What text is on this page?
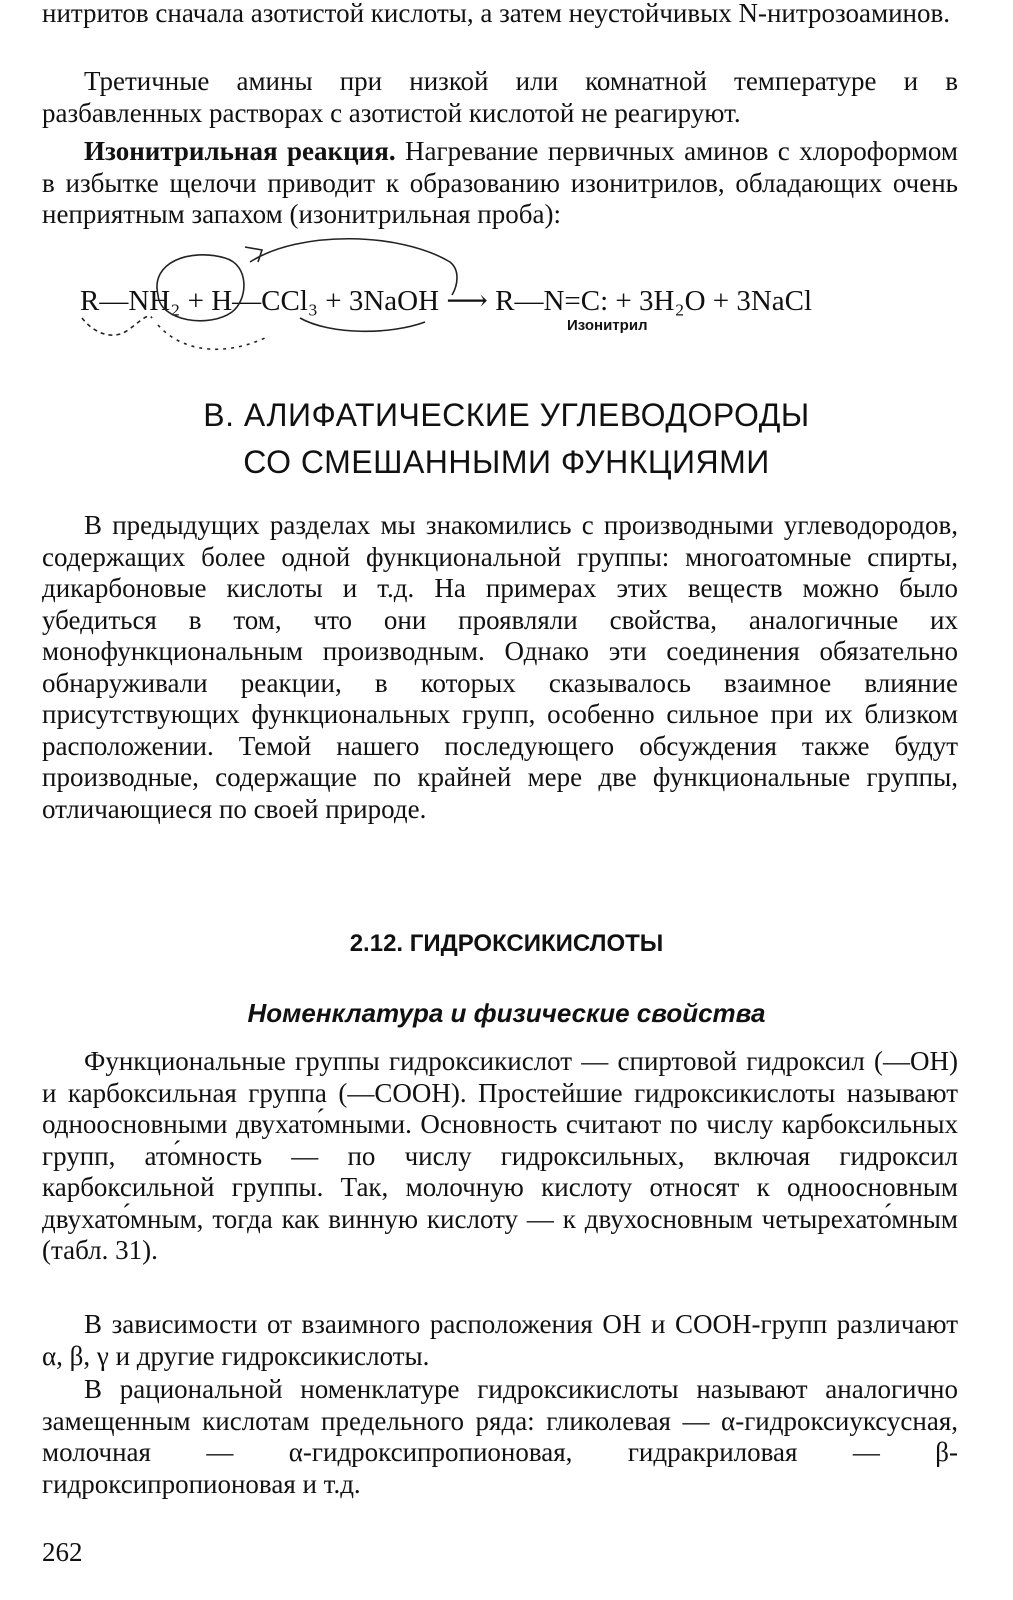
нитритов сначала азотистой кислоты, а затем неустойчивых N-нитрозоаминов.

Третичные амины при низкой или комнатной температуре и в разбавленных растворах с азотистой кислотой не реагируют.

Изонитрильная реакция. Нагревание первичных аминов с хлороформом в избытке щелочи приводит к образованию изонитрилов, обладающих очень неприятным запахом (изонитрильная проба):

R—NH₂ + H—CCl₃ + 3NaOH ⟶ R—N=C: + 3H₂O + 3NaCl
Изонитрил
В. АЛИФАТИЧЕСКИЕ УГЛЕВОДОРОДЫ
СО СМЕШАННЫМИ ФУНКЦИЯМИ

В предыдущих разделах мы знакомились с производными углеводородов, содержащих более одной функциональной группы: многоатомные спирты, дикарбоновые кислоты и т.д. На примерах этих веществ можно было убедиться в том, что они проявляли свойства, аналогичные их монофункциональным производным. Однако эти соединения обязательно обнаруживали реакции, в которых сказывалось взаимное влияние присутствующих функциональных групп, особенно сильное при их близком расположении. Темой нашего последующего обсуждения также будут производные, содержащие по крайней мере две функциональные группы, отличающиеся по своей природе.

2.12. ГИДРОКСИКИСЛОТЫ
Номенклатура и физические свойства

Функциональные группы гидроксикислот — спиртовой гидроксил (—OH) и карбоксильная группа (—COOH). Простейшие гидроксикислоты называют одноосновными двухато́мными. Основность считают по числу карбоксильных групп, ато́мность — по числу гидроксильных, включая гидроксил карбоксильной группы. Так, молочную кислоту относят к одноосновным двухато́мным, тогда как винную кислоту — к двухосновным четырехато́мным (табл. 31).

В зависимости от взаимного расположения OH и COOH-групп различают α, β, γ и другие гидроксикислоты.

В рациональной номенклатуре гидроксикислоты называют аналогично замещенным кислотам предельного ряда: гликолевая — α-гидроксиуксусная, молочная — α-гидроксипропионовая, гидракриловая — β-гидроксипропионовая и т.д.

262
